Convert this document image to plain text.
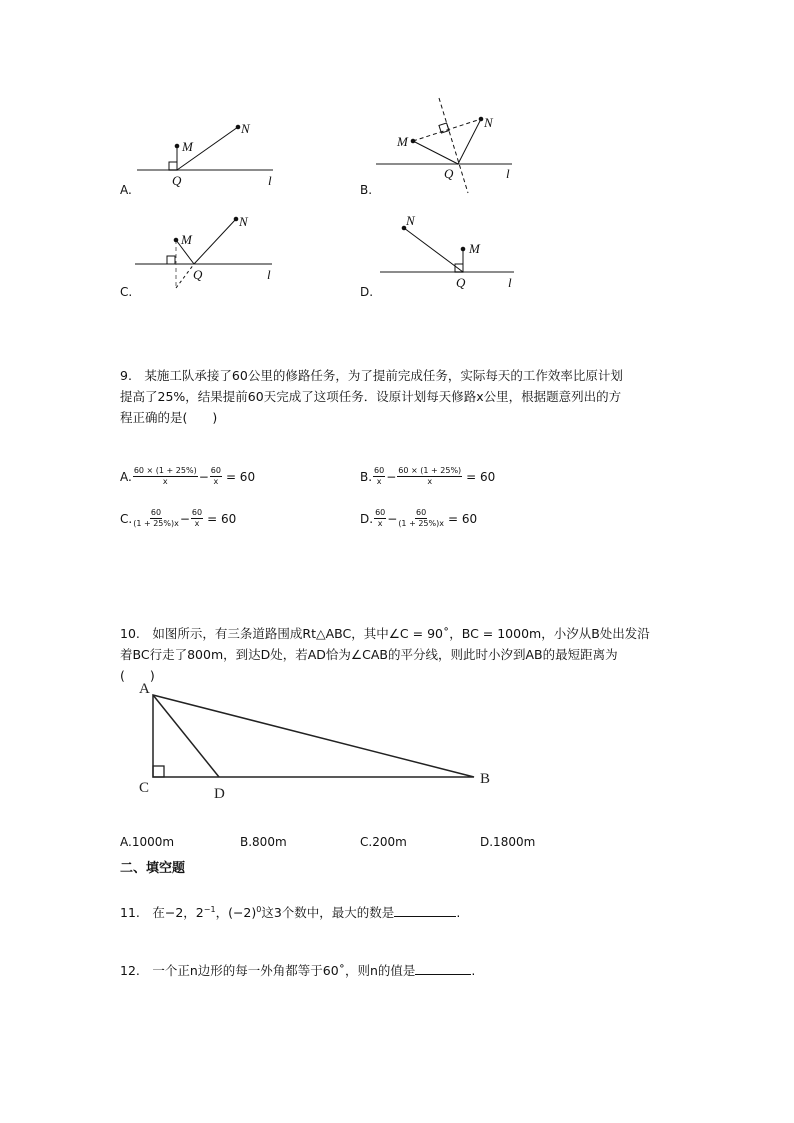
M
N
Q	l
M
N
Q	l
M
N
Q	l
N
M
Q	l
A
C	D
B
A.	B.
C.	D.
9.　某施工队承接了60公里的修路任务，为了提前完成任务，实际每天的工作效率比原计划
提高了25%，结果提前60天完成了这项任务．设原计划每天修路x公里，根据题意列出的方
程正确的是(　　)
A. $\frac{60 \times (1 + 25\%)}{x} - \frac{60}{x} = 60$	B. $\frac{60}{x} - \frac{60 \times (1 + 25\%)}{x} = 60$
C. $\frac{60}{(1 + 25\%)x} - \frac{60}{x} = 60$	D. $\frac{60}{x} - \frac{60}{(1 + 25\%)x} = 60$
10.　如图所示，有三条道路围成Rt△ABC，其中∠C = 90˚，BC = 1000m，小汐从B处出发沿
着BC行走了800m，到达D处，若AD恰为∠CAB的平分线，则此时小汐到AB的最短距离为
(　　)
A.1000m	B.800m	C.200m	D.1800m
二、填空题
11.　在−2，$2^{-1}$，$(-2)^0$这3个数中，最大的数是	.
12.　一个正n边形的每一外角都等于60˚，则n的值是	.
